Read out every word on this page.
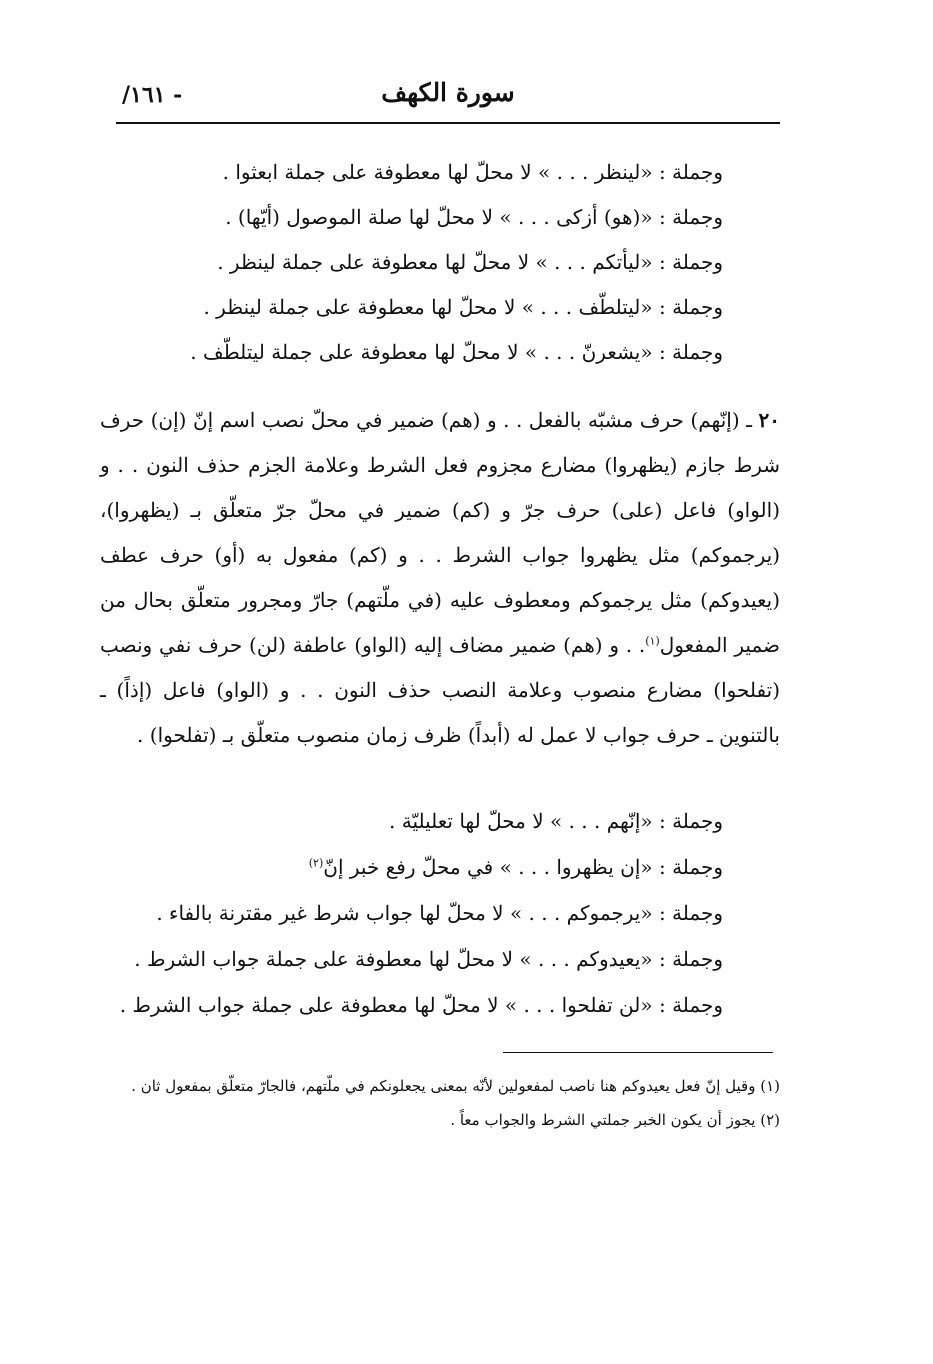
سورة الكهف
- ١٦١/
وجملة : «لينظر . . . » لا محلّ لها معطوفة على جملة ابعثوا .
وجملة : «(هو) أزكى . . . » لا محلّ لها صلة الموصول (أيّها) .
وجملة : «ليأتكم . . . » لا محلّ لها معطوفة على جملة لينظر .
وجملة : «ليتلطّف . . . » لا محلّ لها معطوفة على جملة لينظر .
وجملة : «يشعرنّ . . . » لا محلّ لها معطوفة على جملة ليتلطّف .
٢٠ ـ (إنّهم) حرف مشبّه بالفعل . . و (هم) ضمير في محلّ نصب اسم إنّ (إن) حرف شرط جازم (يظهروا) مضارع مجزوم فعل الشرط وعلامة الجزم حذف النون . . و (الواو) فاعل (على) حرف جرّ و (كم) ضمير في محلّ جرّ متعلّق بـ (يظهروا)، (يرجموكم) مثل يظهروا جواب الشرط . . و (كم) مفعول به (أو) حرف عطف (يعيدوكم) مثل يرجموكم ومعطوف عليه (في ملّتهم) جارّ ومجرور متعلّق بحال من ضمير المفعول$^{(١)}$. . و (هم) ضمير مضاف إليه (الواو) عاطفة (لن) حرف نفي ونصب (تفلحوا) مضارع منصوب وعلامة النصب حذف النون . . و (الواو) فاعل (إذاً) ـ بالتنوين ـ حرف جواب لا عمل له (أبداً) ظرف زمان منصوب متعلّق بـ (تفلحوا) .
وجملة : «إنّهم . . . » لا محلّ لها تعليليّة .
وجملة : «إن يظهروا . . . » في محلّ رفع خبر إنّ$^{(٢)}$
وجملة : «يرجموكم . . . » لا محلّ لها جواب شرط غير مقترنة بالفاء .
وجملة : «يعيدوكم . . . » لا محلّ لها معطوفة على جملة جواب الشرط .
وجملة : «لن تفلحوا . . . » لا محلّ لها معطوفة على جملة جواب الشرط .

(١) وقيل إنّ فعل يعيدوكم هنا ناصب لمفعولين لأنّه بمعنى يجعلونكم في ملّتهم، فالجارّ متعلّق بمفعول ثان .

(٢) يجوز أن يكون الخبر جملتي الشرط والجواب معاً .
